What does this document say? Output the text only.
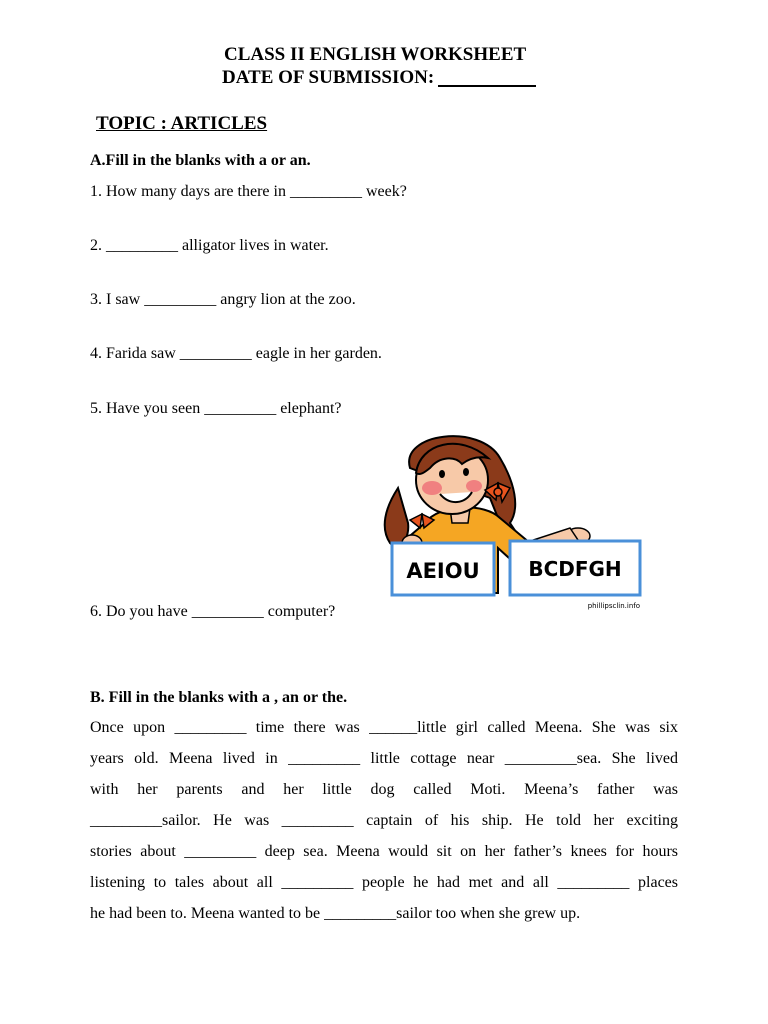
CLASS II ENGLISH WORKSHEET
DATE OF SUBMISSION:
TOPIC : ARTICLES
A.Fill in the blanks with a or an.
1. How many days are there in _________ week?
2. _________ alligator lives in water.
3. I saw _________ angry lion at the zoo.
4. Farida saw _________ eagle in her garden.
5. Have you seen _________ elephant?
6. Do you have _________ computer?
AEIOU BCDFGH
phillipsclin.info
B. Fill in the blanks with a , an or the.
Once upon _________ time there was ______little girl called Meena. She was six
years old. Meena lived in _________ little cottage near _________sea. She lived
with her parents and her little dog called Moti. Meena’s father was
_________sailor. He was _________ captain of his ship. He told her exciting
stories about _________ deep sea. Meena would sit on her father’s knees for hours
listening to tales about all _________ people he had met and all _________ places
he had been to. Meena wanted to be _________sailor too when she grew up.
